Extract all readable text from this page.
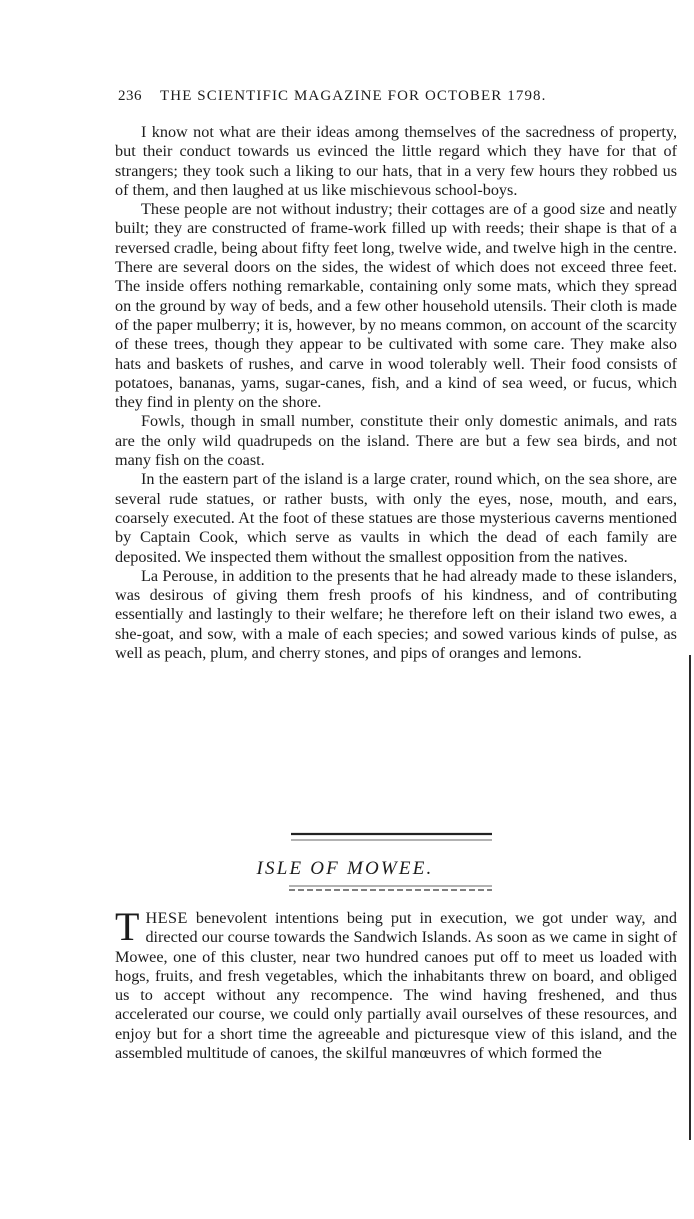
236 THE SCIENTIFIC MAGAZINE FOR OCTOBER 1798.

I know not what are their ideas among themselves of the sacredness of property, but their conduct towards us evinced the little regard which they have for that of strangers; they took such a liking to our hats, that in a very few hours they robbed us of them, and then laughed at us like mischievous school-boys.

These people are not without industry; their cottages are of a good size and neatly built; they are constructed of frame-work filled up with reeds; their shape is that of a reversed cradle, being about fifty feet long, twelve wide, and twelve high in the centre. There are several doors on the sides, the widest of which does not exceed three feet. The inside offers nothing remarkable, containing only some mats, which they spread on the ground by way of beds, and a few other household utensils. Their cloth is made of the paper mulberry; it is, however, by no means common, on account of the scarcity of these trees, though they appear to be cultivated with some care. They make also hats and baskets of rushes, and carve in wood tolerably well. Their food consists of potatoes, bananas, yams, sugar-canes, fish, and a kind of sea weed, or fucus, which they find in plenty on the shore.

Fowls, though in small number, constitute their only domestic animals, and rats are the only wild quadrupeds on the island. There are but a few sea birds, and not many fish on the coast.

In the eastern part of the island is a large crater, round which, on the sea shore, are several rude statues, or rather busts, with only the eyes, nose, mouth, and ears, coarsely executed. At the foot of these statues are those mysterious caverns mentioned by Captain Cook, which serve as vaults in which the dead of each family are deposited. We inspected them without the smallest opposition from the natives.

La Perouse, in addition to the presents that he had already made to these islanders, was desirous of giving them fresh proofs of his kindness, and of contributing essentially and lastingly to their welfare; he therefore left on their island two ewes, a she-goat, and sow, with a male of each species; and sowed various kinds of pulse, as well as peach, plum, and cherry stones, and pips of oranges and lemons.

ISLE OF MOWEE.

THESE benevolent intentions being put in execution, we got under way, and directed our course towards the Sandwich Islands. As soon as we came in sight of Mowee, one of this cluster, near two hundred canoes put off to meet us loaded with hogs, fruits, and fresh vegetables, which the inhabitants threw on board, and obliged us to accept without any recompence. The wind having freshened, and thus accelerated our course, we could only partially avail ourselves of these resources, and enjoy but for a short time the agreeable and picturesque view of this island, and the assembled multitude of canoes, the skilful manœuvres of which formed the
